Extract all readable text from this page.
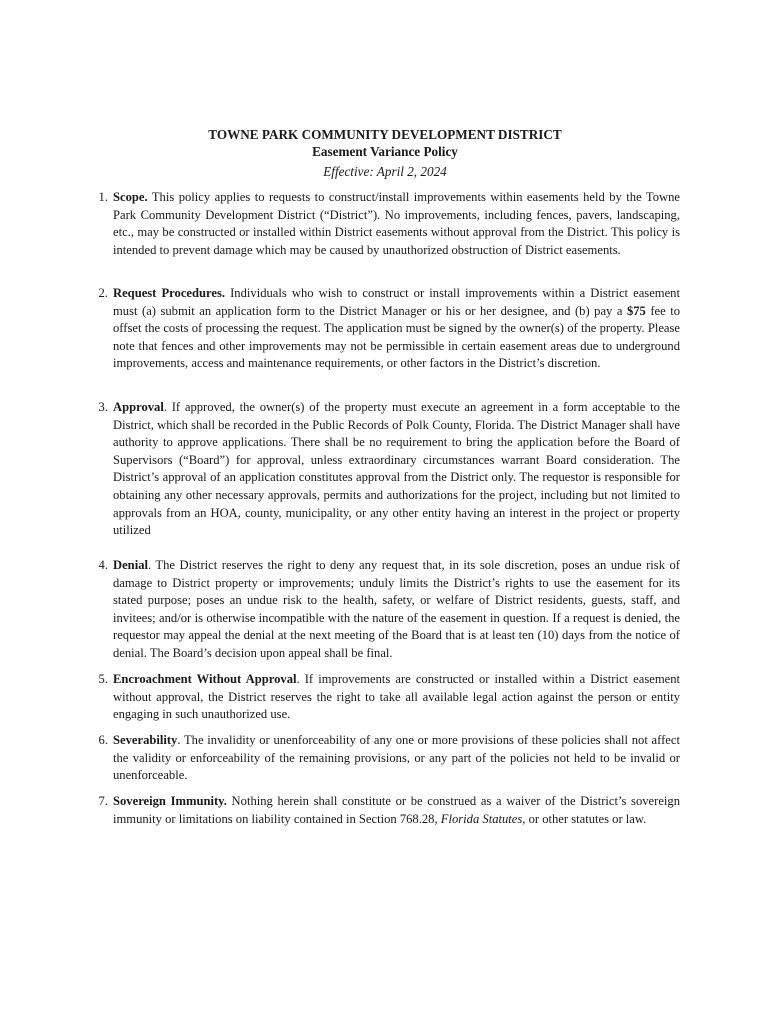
TOWNE PARK COMMUNITY DEVELOPMENT DISTRICT
Easement Variance Policy
Effective: April 2, 2024
1. Scope. This policy applies to requests to construct/install improvements within easements held by the Towne Park Community Development District (“District”). No improvements, including fences, pavers, landscaping, etc., may be constructed or installed within District easements without approval from the District. This policy is intended to prevent damage which may be caused by unauthorized obstruction of District easements.
2. Request Procedures. Individuals who wish to construct or install improvements within a District easement must (a) submit an application form to the District Manager or his or her designee, and (b) pay a $75 fee to offset the costs of processing the request. The application must be signed by the owner(s) of the property. Please note that fences and other improvements may not be permissible in certain easement areas due to underground improvements, access and maintenance requirements, or other factors in the District’s discretion.
3. Approval. If approved, the owner(s) of the property must execute an agreement in a form acceptable to the District, which shall be recorded in the Public Records of Polk County, Florida. The District Manager shall have authority to approve applications. There shall be no requirement to bring the application before the Board of Supervisors (“Board”) for approval, unless extraordinary circumstances warrant Board consideration. The District’s approval of an application constitutes approval from the District only. The requestor is responsible for obtaining any other necessary approvals, permits and authorizations for the project, including but not limited to approvals from an HOA, county, municipality, or any other entity having an interest in the project or property utilized
4. Denial. The District reserves the right to deny any request that, in its sole discretion, poses an undue risk of damage to District property or improvements; unduly limits the District’s rights to use the easement for its stated purpose; poses an undue risk to the health, safety, or welfare of District residents, guests, staff, and invitees; and/or is otherwise incompatible with the nature of the easement in question. If a request is denied, the requestor may appeal the denial at the next meeting of the Board that is at least ten (10) days from the notice of denial. The Board’s decision upon appeal shall be final.
5. Encroachment Without Approval. If improvements are constructed or installed within a District easement without approval, the District reserves the right to take all available legal action against the person or entity engaging in such unauthorized use.
6. Severability. The invalidity or unenforceability of any one or more provisions of these policies shall not affect the validity or enforceability of the remaining provisions, or any part of the policies not held to be invalid or unenforceable.
7. Sovereign Immunity. Nothing herein shall constitute or be construed as a waiver of the District’s sovereign immunity or limitations on liability contained in Section 768.28, Florida Statutes, or other statutes or law.
